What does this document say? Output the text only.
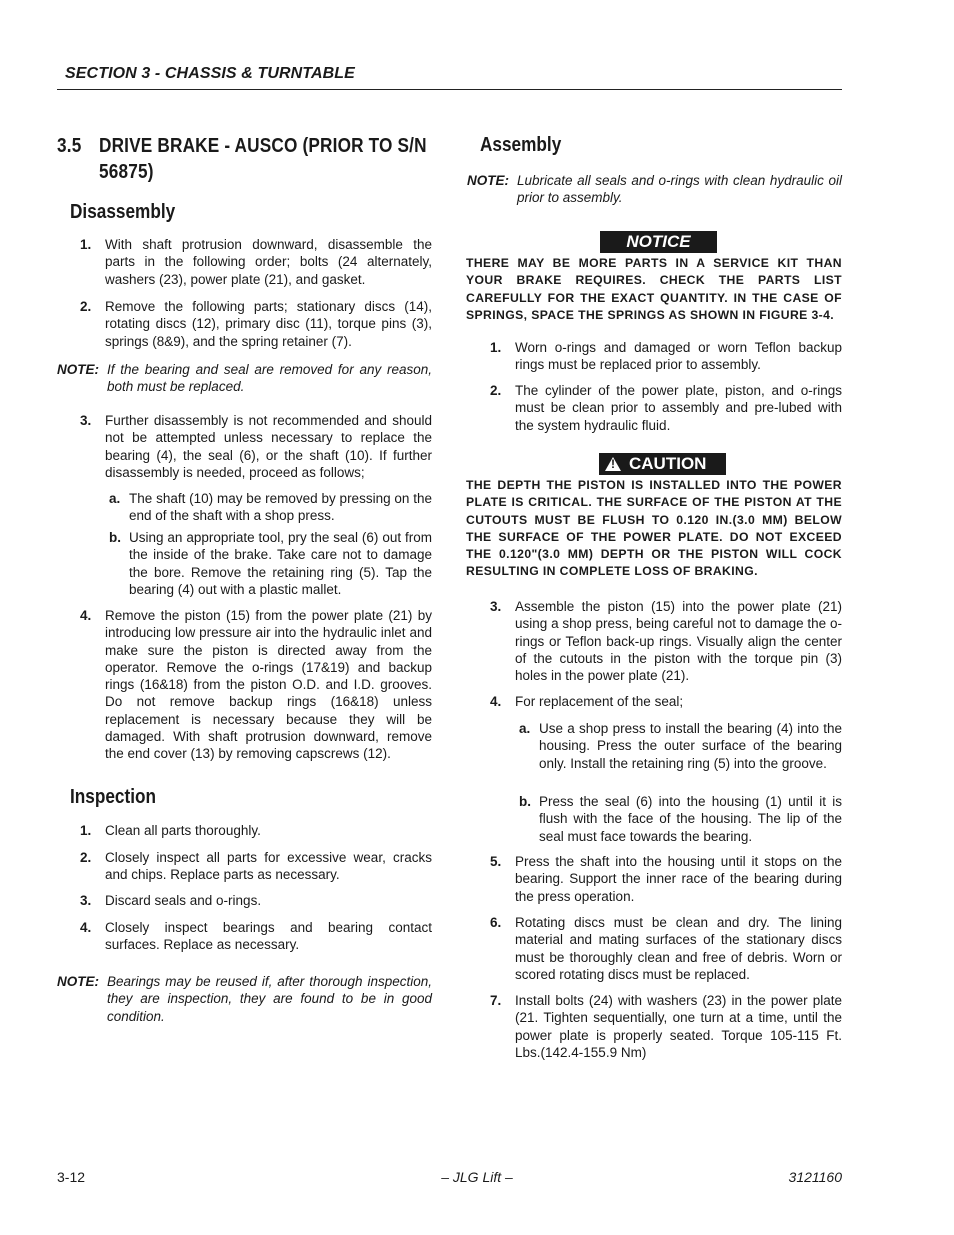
SECTION 3 - CHASSIS & TURNTABLE
3.5 DRIVE BRAKE - AUSCO (PRIOR TO S/N
56875)
Disassembly
1. With shaft protrusion downward, disassemble the parts in the following order; bolts (24 alternately, washers (23), power plate (21), and gasket.
2. Remove the following parts; stationary discs (14), rotating discs (12), primary disc (11), torque pins (3), springs (8&9), and the spring retainer (7).
NOTE: If the bearing and seal are removed for any reason, both must be replaced.
3. Further disassembly is not recommended and should not be attempted unless necessary to replace the bearing (4), the seal (6), or the shaft (10). If further disassembly is needed, proceed as follows;
a. The shaft (10) may be removed by pressing on the end of the shaft with a shop press.
b. Using an appropriate tool, pry the seal (6) out from the inside of the brake. Take care not to damage the bore. Remove the retaining ring (5). Tap the bearing (4) out with a plastic mallet.
4. Remove the piston (15) from the power plate (21) by introducing low pressure air into the hydraulic inlet and make sure the piston is directed away from the operator. Remove the o-rings (17&19) and backup rings (16&18) from the piston O.D. and I.D. grooves. Do not remove backup rings (16&18) unless replacement is necessary because they will be damaged. With shaft protrusion downward, remove the end cover (13) by removing capscrews (12).
Inspection
1. Clean all parts thoroughly.
2. Closely inspect all parts for excessive wear, cracks and chips. Replace parts as necessary.
3. Discard seals and o-rings.
4. Closely inspect bearings and bearing contact surfaces. Replace as necessary.
NOTE: Bearings may be reused if, after thorough inspection, they are inspection, they are found to be in good condition.
Assembly
NOTE: Lubricate all seals and o-rings with clean hydraulic oil prior to assembly.
NOTICE
THERE MAY BE MORE PARTS IN A SERVICE KIT THAN YOUR BRAKE REQUIRES. CHECK THE PARTS LIST CAREFULLY FOR THE EXACT QUANTITY. IN THE CASE OF SPRINGS, SPACE THE SPRINGS AS SHOWN IN FIGURE 3-4.
1. Worn o-rings and damaged or worn Teflon backup rings must be replaced prior to assembly.
2. The cylinder of the power plate, piston, and o-rings must be clean prior to assembly and pre-lubed with the system hydraulic fluid.
! CAUTION
THE DEPTH THE PISTON IS INSTALLED INTO THE POWER PLATE IS CRITICAL. THE SURFACE OF THE PISTON AT THE CUTOUTS MUST BE FLUSH TO 0.120 IN.(3.0 MM) BELOW THE SURFACE OF THE POWER PLATE. DO NOT EXCEED THE 0.120"(3.0 MM) DEPTH OR THE PISTON WILL COCK RESULTING IN COMPLETE LOSS OF BRAKING.
3. Assemble the piston (15) into the power plate (21) using a shop press, being careful not to damage the o-rings or Teflon back-up rings. Visually align the center of the cutouts in the piston with the torque pin (3) holes in the power plate (21).
4. For replacement of the seal;
a. Use a shop press to install the bearing (4) into the housing. Press the outer surface of the bearing only. Install the retaining ring (5) into the groove.
b. Press the seal (6) into the housing (1) until it is flush with the face of the housing. The lip of the seal must face towards the bearing.
5. Press the shaft into the housing until it stops on the bearing. Support the inner race of the bearing during the press operation.
6. Rotating discs must be clean and dry. The lining material and mating surfaces of the stationary discs must be thoroughly clean and free of debris. Worn or scored rotating discs must be replaced.
7. Install bolts (24) with washers (23) in the power plate (21. Tighten sequentially, one turn at a time, until the power plate is properly seated. Torque 105-115 Ft. Lbs.(142.4-155.9 Nm)
3-12	– JLG Lift –	3121160
